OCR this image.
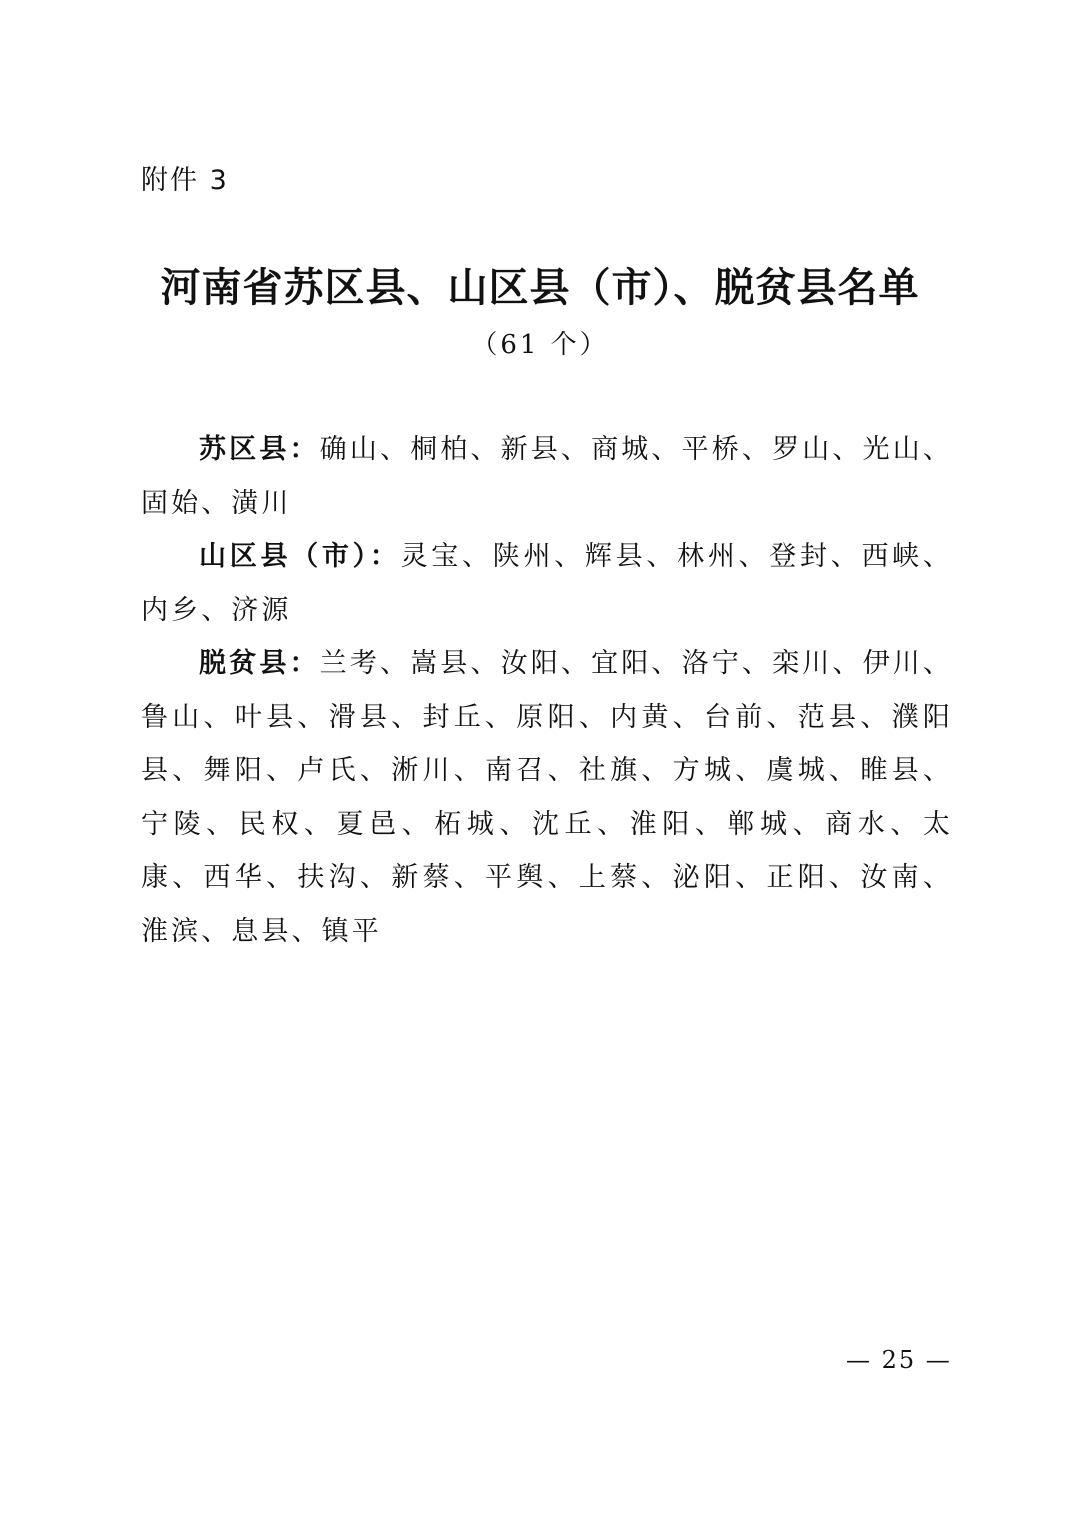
附件 3
河南省苏区县、山区县（市）、脱贫县名单
（61 个）

苏区县：确山、桐柏、新县、商城、平桥、罗山、光山、固始、潢川

山区县（市）：灵宝、陕州、辉县、林州、登封、西峡、内乡、济源

脱贫县：兰考、嵩县、汝阳、宜阳、洛宁、栾川、伊川、鲁山、叶县、滑县、封丘、原阳、内黄、台前、范县、濮阳县、舞阳、卢氏、淅川、南召、社旗、方城、虞城、睢县、宁陵、民权、夏邑、柘城、沈丘、淮阳、郸城、商水、太康、西华、扶沟、新蔡、平舆、上蔡、泌阳、正阳、汝南、淮滨、息县、镇平

— 25 —
